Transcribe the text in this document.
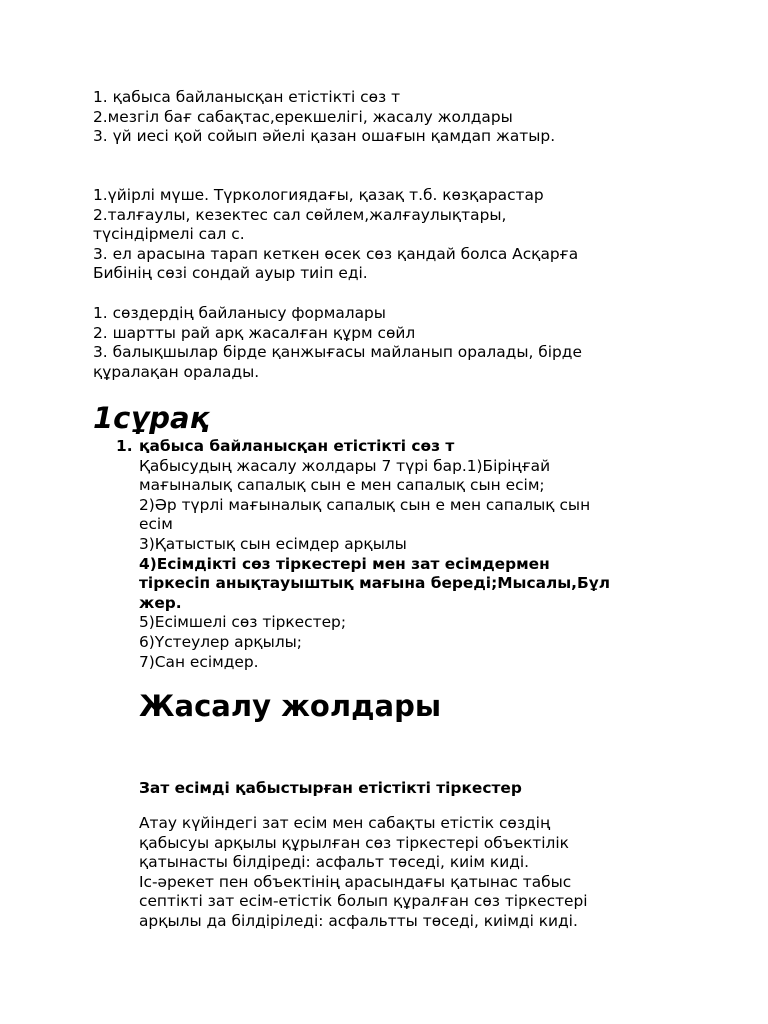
1. қабыса байланысқан етістікті сөз т
2.мезгіл бағ сабақтас,ерекшелігі, жасалу жолдары
3. үй иесі қой сойып әйелі қазан ошағын қамдап жатыр.
1.үйірлі мүше. Түркологиядағы, қазақ т.б. көзқарастар
2.талғаулы, кезектес сал сөйлем,жалғаулықтары,
түсіндірмелі сал с.
3. ел арасына тарап кеткен өсек сөз қандай болса Асқарға
Бибінің сөзі сондай ауыр тиіп еді.
1. сөздердің байланысу формалары
2. шартты рай арқ жасалған құрм сөйл
3. балықшылар бірде қанжығасы майланып оралады, бірде
құралақан оралады.
1сұрақ
1. қабыса байланысқан етістікті сөз т
Қабысудың жасалу жолдары 7 түрі бар.1)Біріңғай
мағыналық сапалық сын е мен сапалық сын есім;
2)Әр түрлі мағыналық сапалық сын е мен сапалық сын
есім
3)Қатыстық сын есімдер арқылы
4)Есімдікті сөз тіркестері мен зат есімдермен
тіркесіп анықтауыштық мағына береді;Мысалы,Бұл
жер.
5)Есімшелі сөз тіркестер;
6)Үстеулер арқылы;
7)Сан есімдер.
Жасалу жолдары
Зат есімді қабыстырған етістікті тіркестер
Атау күйіндегі зат есім мен сабақты етістік сөздің
қабысуы арқылы құрылған сөз тіркестері объектілік
қатынасты білдіреді: асфальт төседі, киім киді.
Іс-әрекет пен объектінің арасындағы қатынас табыс
септікті зат есім-етістік болып құралған сөз тіркестері
арқылы да білдіріледі: асфальтты төседі, киімді киді.
